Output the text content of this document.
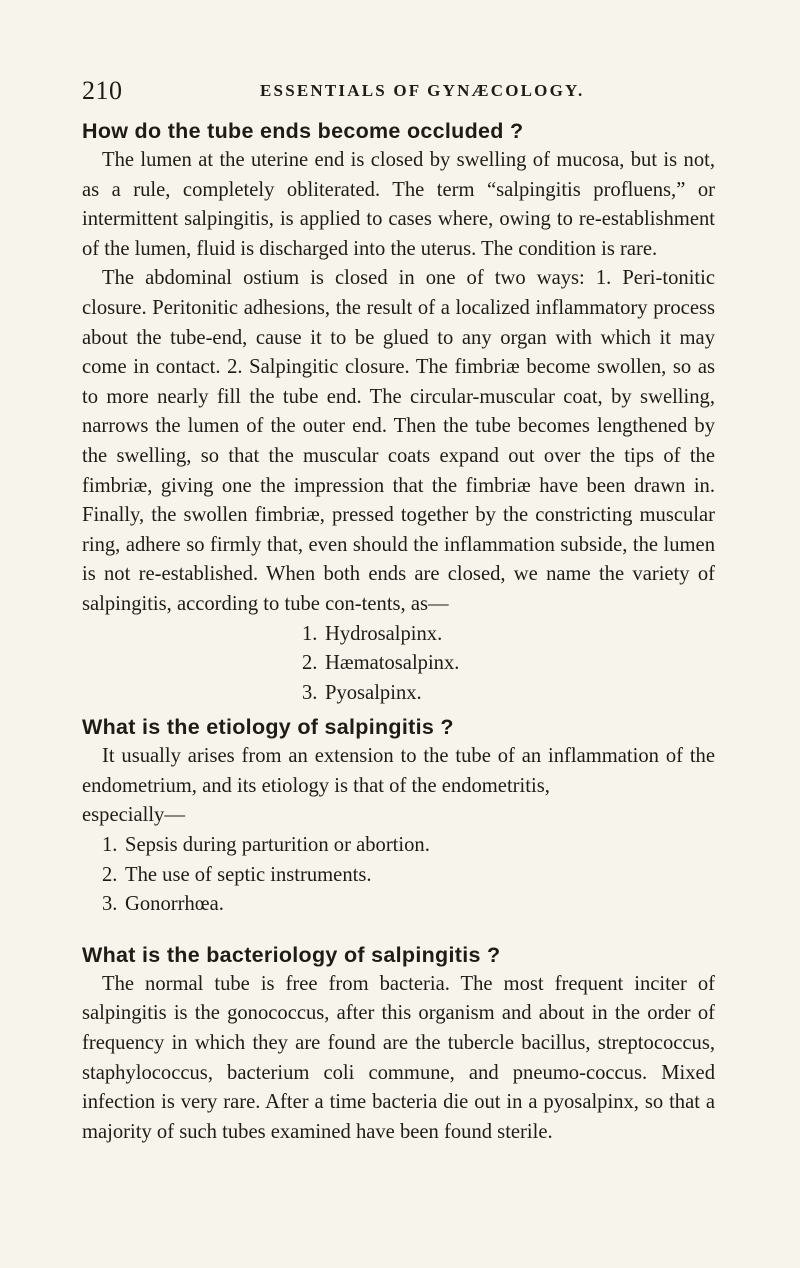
210	ESSENTIALS OF GYNÆCOLOGY.
How do the tube ends become occluded ?

The lumen at the uterine end is closed by swelling of mucosa, but is not, as a rule, completely obliterated. The term “salpingitis profluens,” or intermittent salpingitis, is applied to cases where, owing to re-establishment of the lumen, fluid is discharged into the uterus. The condition is rare.

The abdominal ostium is closed in one of two ways: 1. Peri-tonitic closure. Peritonitic adhesions, the result of a localized inflammatory process about the tube-end, cause it to be glued to any organ with which it may come in contact. 2. Salpingitic closure. The fimbriæ become swollen, so as to more nearly fill the tube end. The circular-muscular coat, by swelling, narrows the lumen of the outer end. Then the tube becomes lengthened by the swelling, so that the muscular coats expand out over the tips of the fimbriæ, giving one the impression that the fimbriæ have been drawn in. Finally, the swollen fimbriæ, pressed together by the constricting muscular ring, adhere so firmly that, even should the inflammation subside, the lumen is not re-established. When both ends are closed, we name the variety of salpingitis, according to tube con-tents, as—

1. Hydrosalpinx.
2. Hæmatosalpinx.
3. Pyosalpinx.
What is the etiology of salpingitis ?

It usually arises from an extension to the tube of an inflammation of the endometrium, and its etiology is that of the endometritis,

especially—

1. Sepsis during parturition or abortion.
2. The use of septic instruments.
3. Gonorrhœa.
What is the bacteriology of salpingitis ?

The normal tube is free from bacteria. The most frequent inciter of salpingitis is the gonococcus, after this organism and about in the order of frequency in which they are found are the tubercle bacillus, streptococcus, staphylococcus, bacterium coli commune, and pneumo-coccus. Mixed infection is very rare. After a time bacteria die out in a pyosalpinx, so that a majority of such tubes examined have been found sterile.
